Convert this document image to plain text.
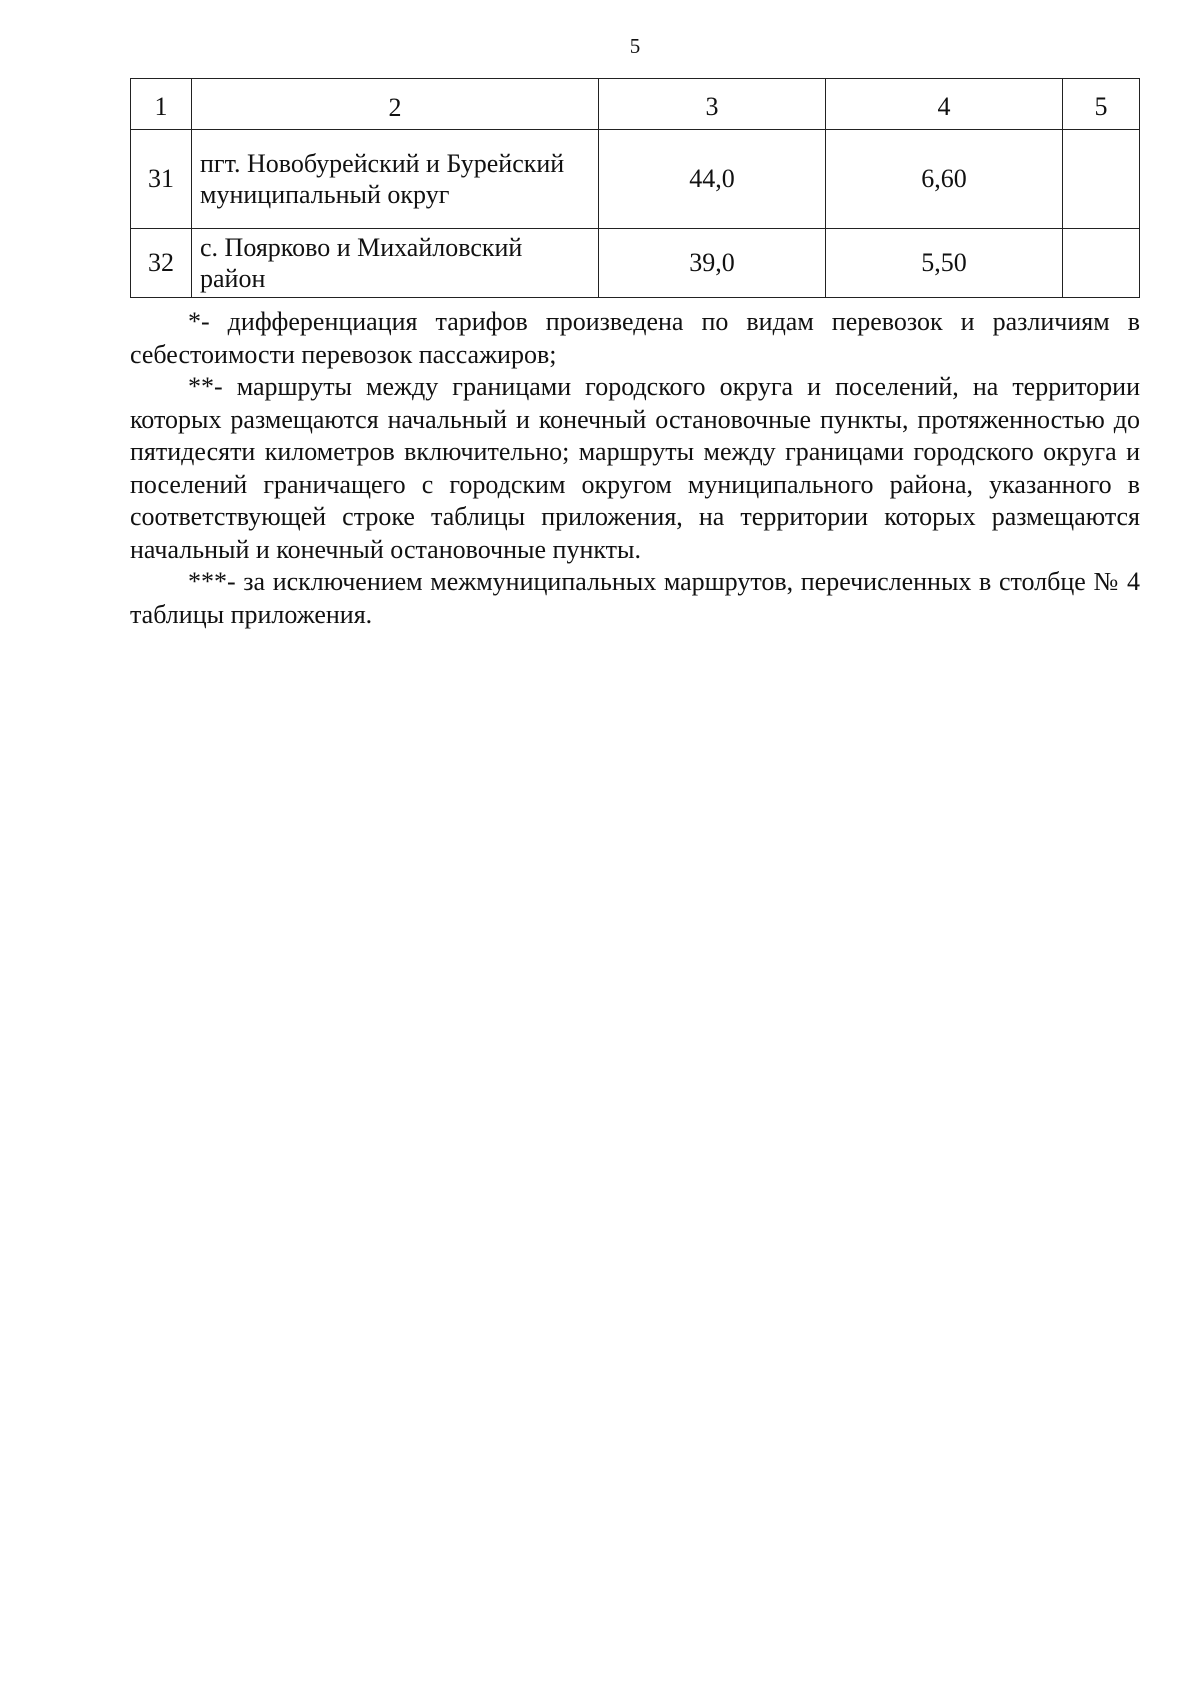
5
1	2	3	4	5
31	пгт. Новобурейский и Бурейский муниципальный округ	44,0	6,60	
32	с. Поярково и Михайловский район	39,0	5,50	

*- дифференциация тарифов произведена по видам перевозок и различиям в себестоимости перевозок пассажиров;

**- маршруты между границами городского округа и поселений, на территории которых размещаются начальный и конечный остановочные пункты, протяженностью до пятидесяти километров включительно; маршруты между границами городского округа и поселений граничащего с городским округом муниципального района, указанного в соответствующей строке таблицы приложения, на территории которых размещаются начальный и конечный остановочные пункты.

***- за исключением межмуниципальных маршрутов, перечисленных в столбце № 4 таблицы приложения.
